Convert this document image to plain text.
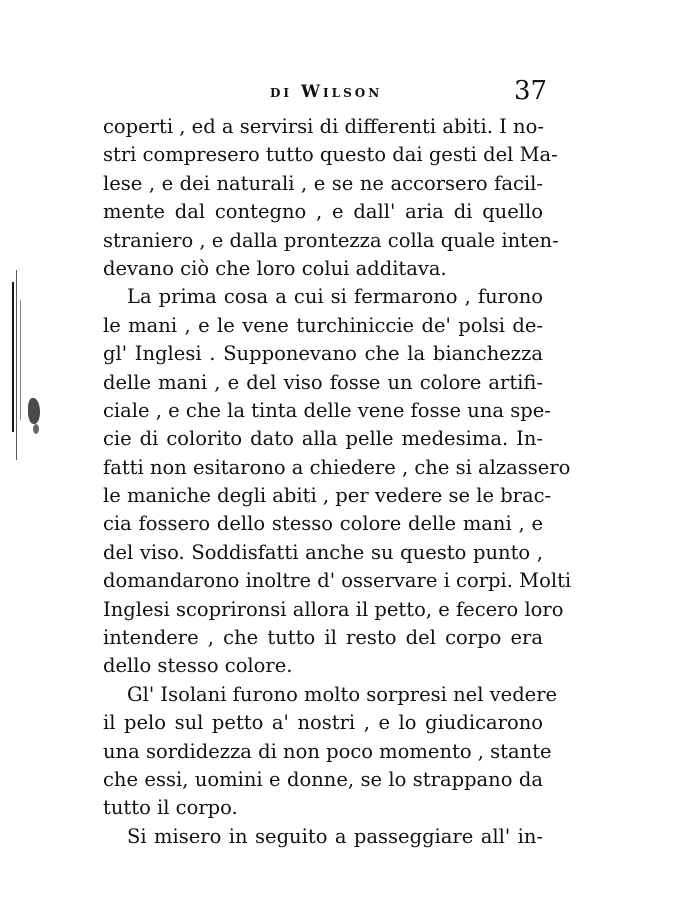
di Wilson	37
coperti , ed a servirsi di differenti abiti. I no-
stri compresero tutto questo dai gesti del Ma-
lese , e dei naturali , e se ne accorsero facil-
mente dal contegno , e dall' aria di quello
straniero , e dalla prontezza colla quale inten-
devano ciò che loro colui additava.
La prima cosa a cui si fermarono , furono
le mani , e le vene turchiniccie de' polsi de-
gl' Inglesi . Supponevano che la bianchezza
delle mani , e del viso fosse un colore artifi-
ciale , e che la tinta delle vene fosse una spe-
cie di colorito dato alla pelle medesima. In-
fatti non esitarono a chiedere , che si alzassero
le maniche degli abiti , per vedere se le brac-
cia fossero dello stesso colore delle mani , e
del viso. Soddisfatti anche su questo punto ,
domandarono inoltre d' osservare i corpi. Molti
Inglesi scoprironsi allora il petto, e fecero loro
intendere , che tutto il resto del corpo era
dello stesso colore.
Gl' Isolani furono molto sorpresi nel vedere
il pelo sul petto a' nostri , e lo giudicarono
una sordidezza di non poco momento , stante
che essi, uomini e donne, se lo strappano da
tutto il corpo.
Si misero in seguito a passeggiare all' in-
